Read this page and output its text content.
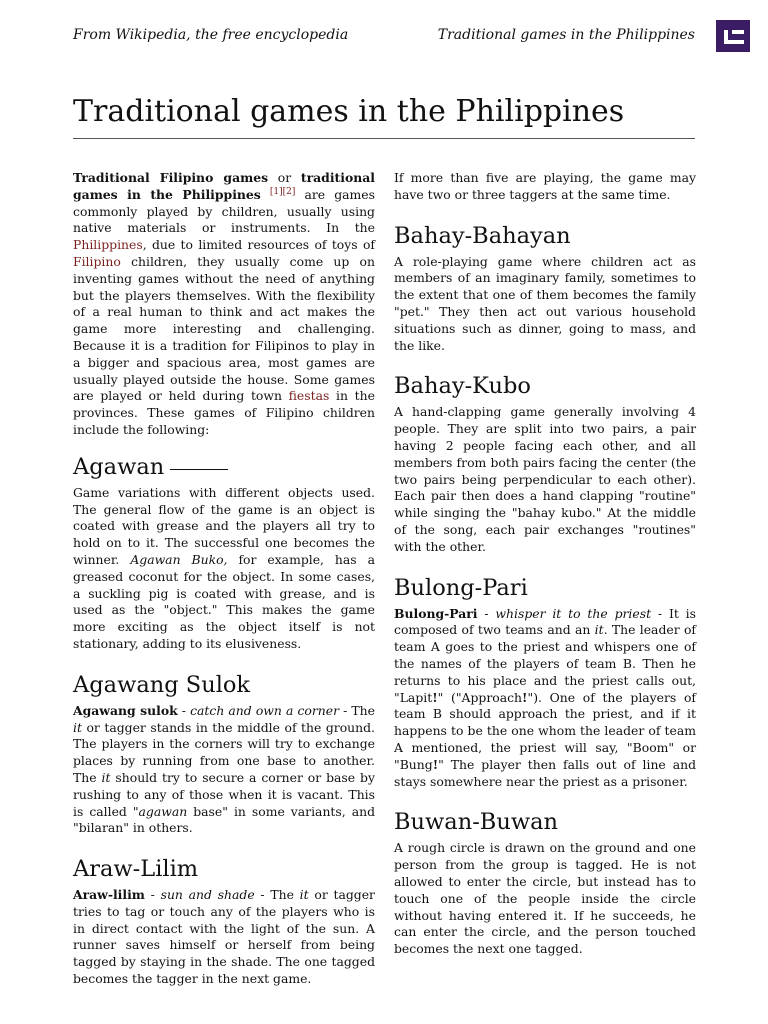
From Wikipedia, the free encyclopedia	Traditional games in the Philippines
Traditional games in the Philippines

Traditional Filipino games or traditional games in the Philippines [1][2] are games commonly played by children, usually using native materials or instruments. In the Philippines, due to limited resources of toys of Filipino children, they usually come up on inventing games without the need of anything but the players themselves. With the flexibility of a real human to think and act makes the game more interesting and challenging. Because it is a tradition for Filipinos to play in a bigger and spacious area, most games are usually played outside the house. Some games are played or held during town fiestas in the provinces. These games of Filipino children include the following:

Agawan

Game variations with different objects used. The general flow of the game is an object is coated with grease and the players all try to hold on to it. The successful one becomes the winner. Agawan Buko, for example, has a greased coconut for the object. In some cases, a suckling pig is coated with grease, and is used as the "object." This makes the game more exciting as the object itself is not stationary, adding to its elusiveness.

Agawang Sulok

Agawang sulok - catch and own a corner - The it or tagger stands in the middle of the ground. The players in the corners will try to exchange places by running from one base to another. The it should try to secure a corner or base by rushing to any of those when it is vacant. This is called "agawan base" in some variants, and "bilaran" in others.

Araw-Lilim

Araw-lilim - sun and shade - The it or tagger tries to tag or touch any of the players who is in direct contact with the light of the sun. A runner saves himself or herself from being tagged by staying in the shade. The one tagged becomes the tagger in the next game.

If more than five are playing, the game may have two or three taggers at the same time.

Bahay-Bahayan

A role-playing game where children act as members of an imaginary family, sometimes to the extent that one of them becomes the family "pet." They then act out various household situations such as dinner, going to mass, and the like.

Bahay-Kubo

A hand-clapping game generally involving 4 people. They are split into two pairs, a pair having 2 people facing each other, and all members from both pairs facing the center (the two pairs being perpendicular to each other). Each pair then does a hand clapping "routine" while singing the "bahay kubo." At the middle of the song, each pair exchanges "routines" with the other.

Bulong-Pari

Bulong-Pari - whisper it to the priest - It is composed of two teams and an it. The leader of team A goes to the priest and whispers one of the names of the players of team B. Then he returns to his place and the priest calls out, "Lapit!" ("Approach!"). One of the players of team B should approach the priest, and if it happens to be the one whom the leader of team A mentioned, the priest will say, "Boom" or "Bung!" The player then falls out of line and stays somewhere near the priest as a prisoner.

Buwan-Buwan

A rough circle is drawn on the ground and one person from the group is tagged. He is not allowed to enter the circle, but instead has to touch one of the people inside the circle without having entered it. If he succeeds, he can enter the circle, and the person touched becomes the next one tagged.
